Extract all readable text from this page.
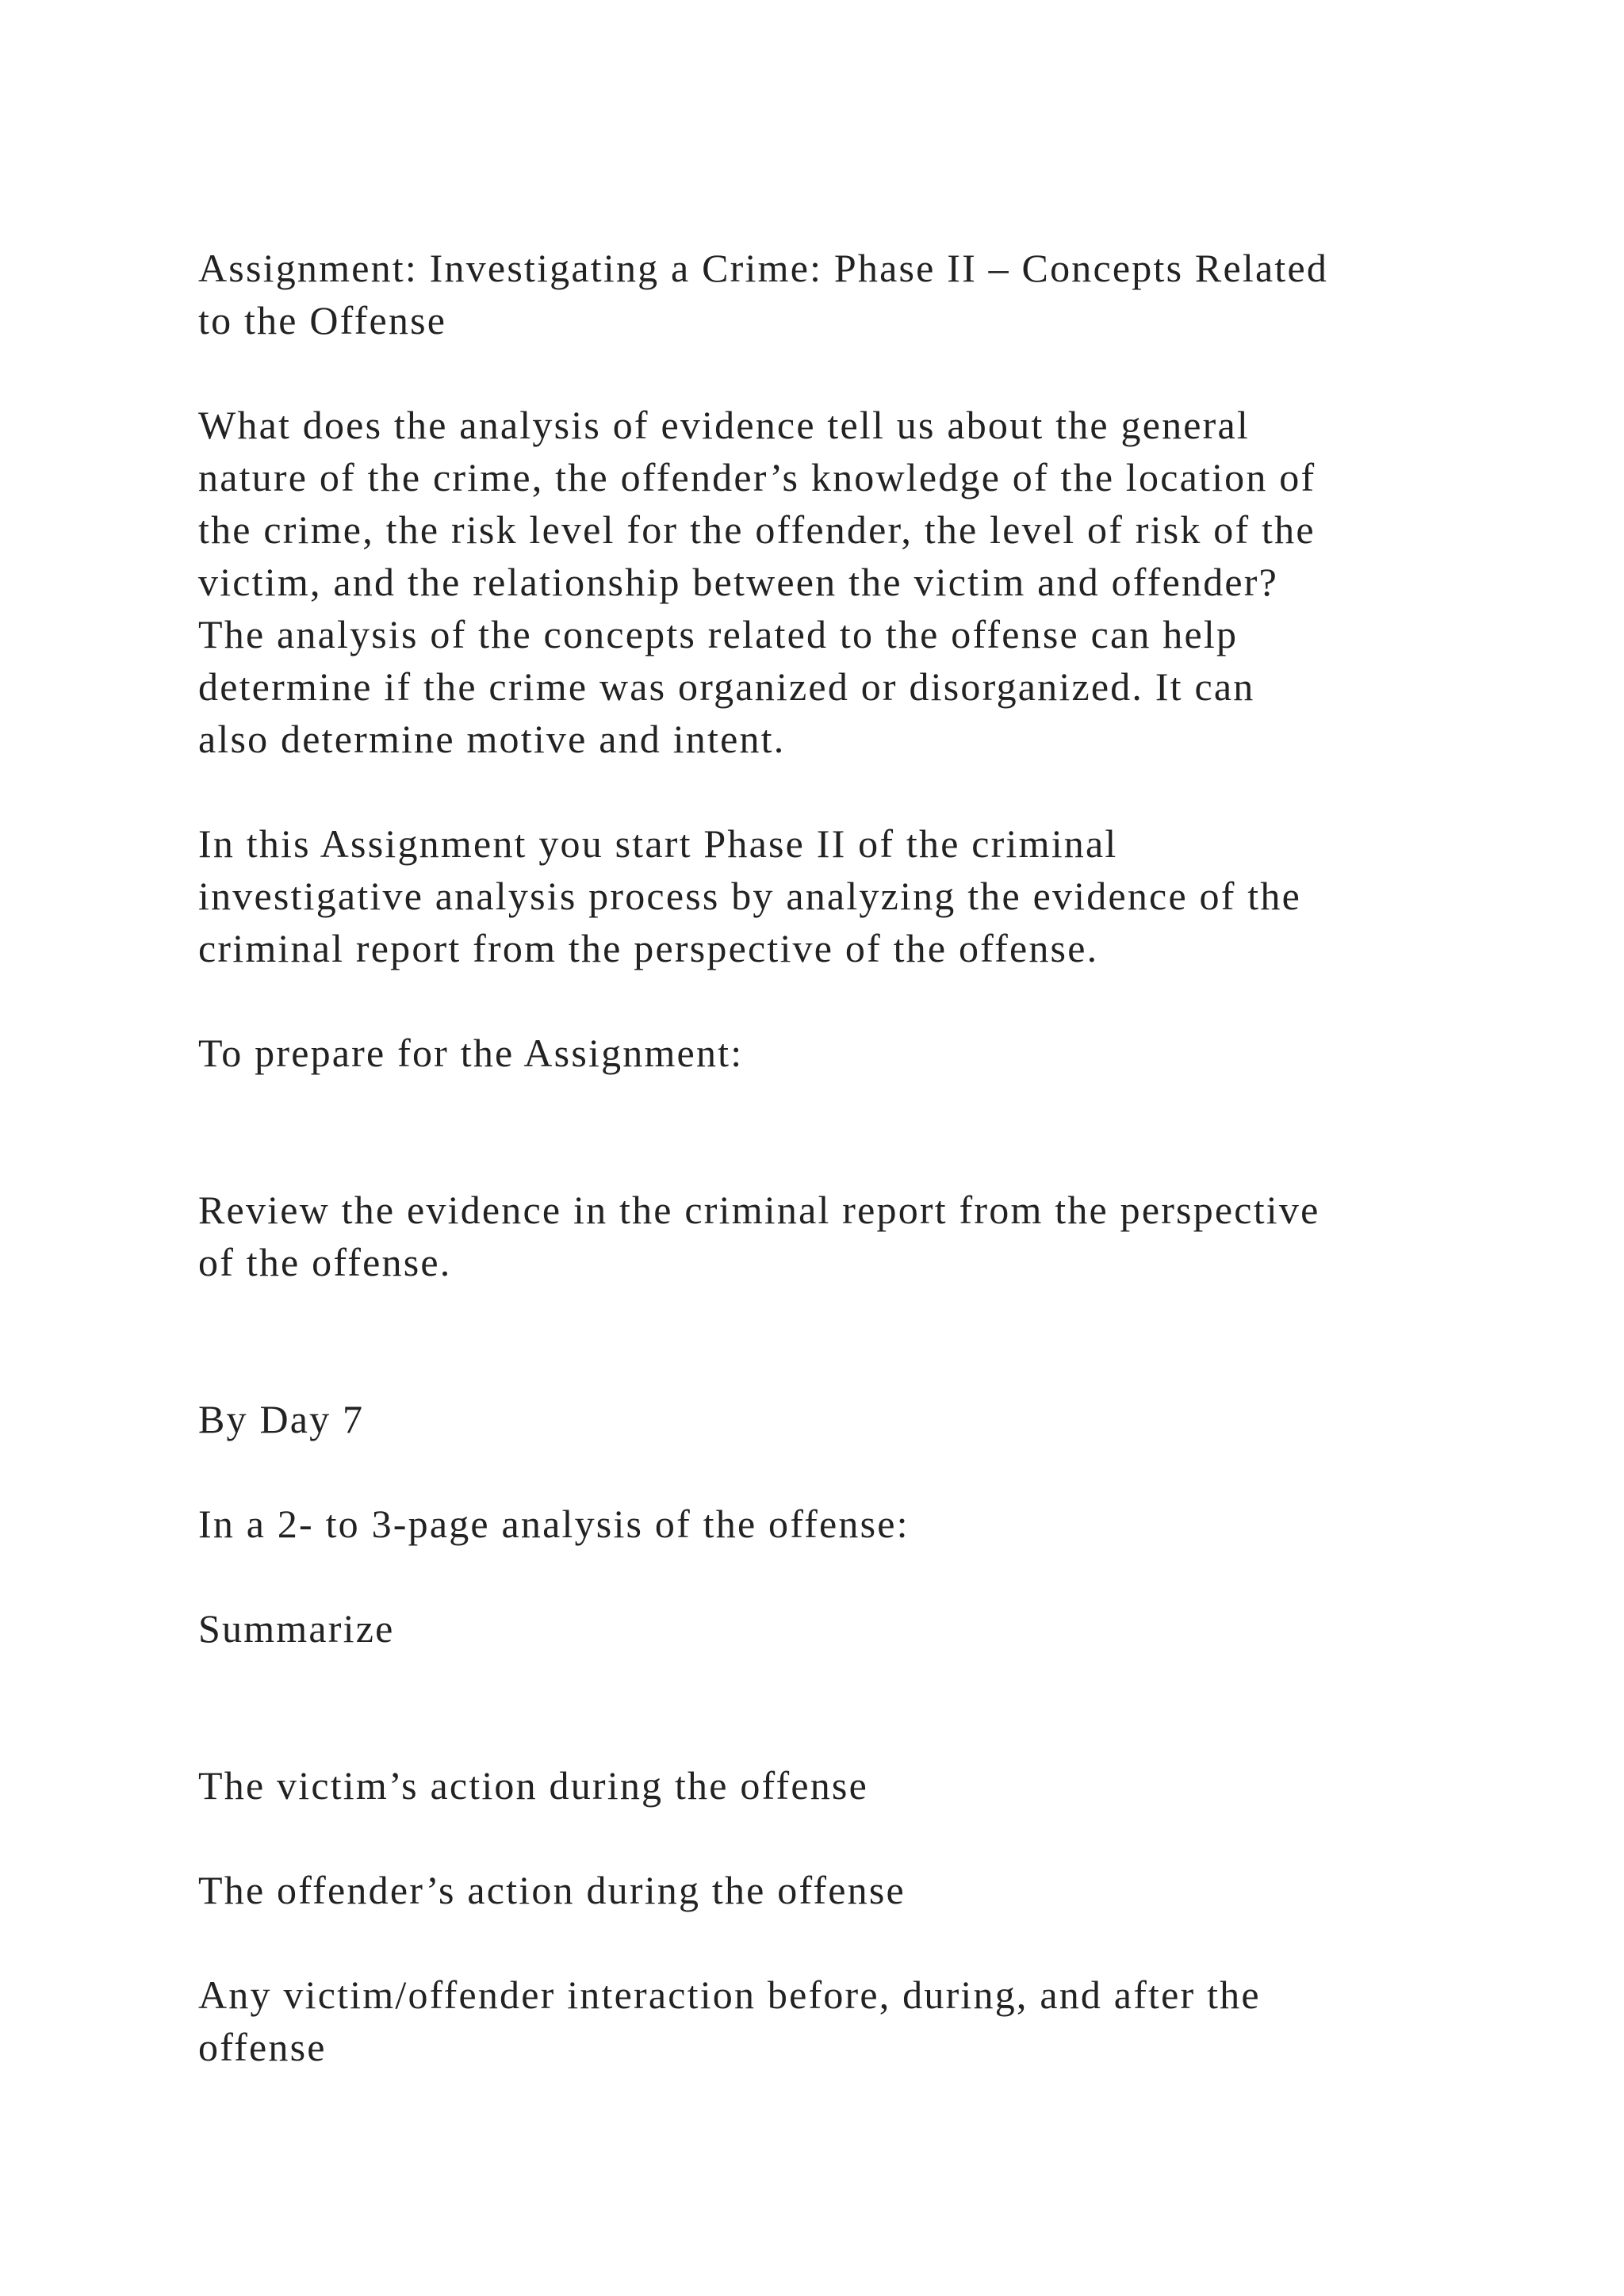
Assignment: Investigating a Crime: Phase II – Concepts Related
to the Offense

What does the analysis of evidence tell us about the general
nature of the crime, the offender’s knowledge of the location of
the crime, the risk level for the offender, the level of risk of the
victim, and the relationship between the victim and offender?
The analysis of the concepts related to the offense can help
determine if the crime was organized or disorganized. It can
also determine motive and intent.

In this Assignment you start Phase II of the criminal
investigative analysis process by analyzing the evidence of the
criminal report from the perspective of the offense.

To prepare for the Assignment:

Review the evidence in the criminal report from the perspective
of the offense.

By Day 7

In a 2- to 3-page analysis of the offense:

Summarize

The victim’s action during the offense

The offender’s action during the offense

Any victim/offender interaction before, during, and after the
offense
